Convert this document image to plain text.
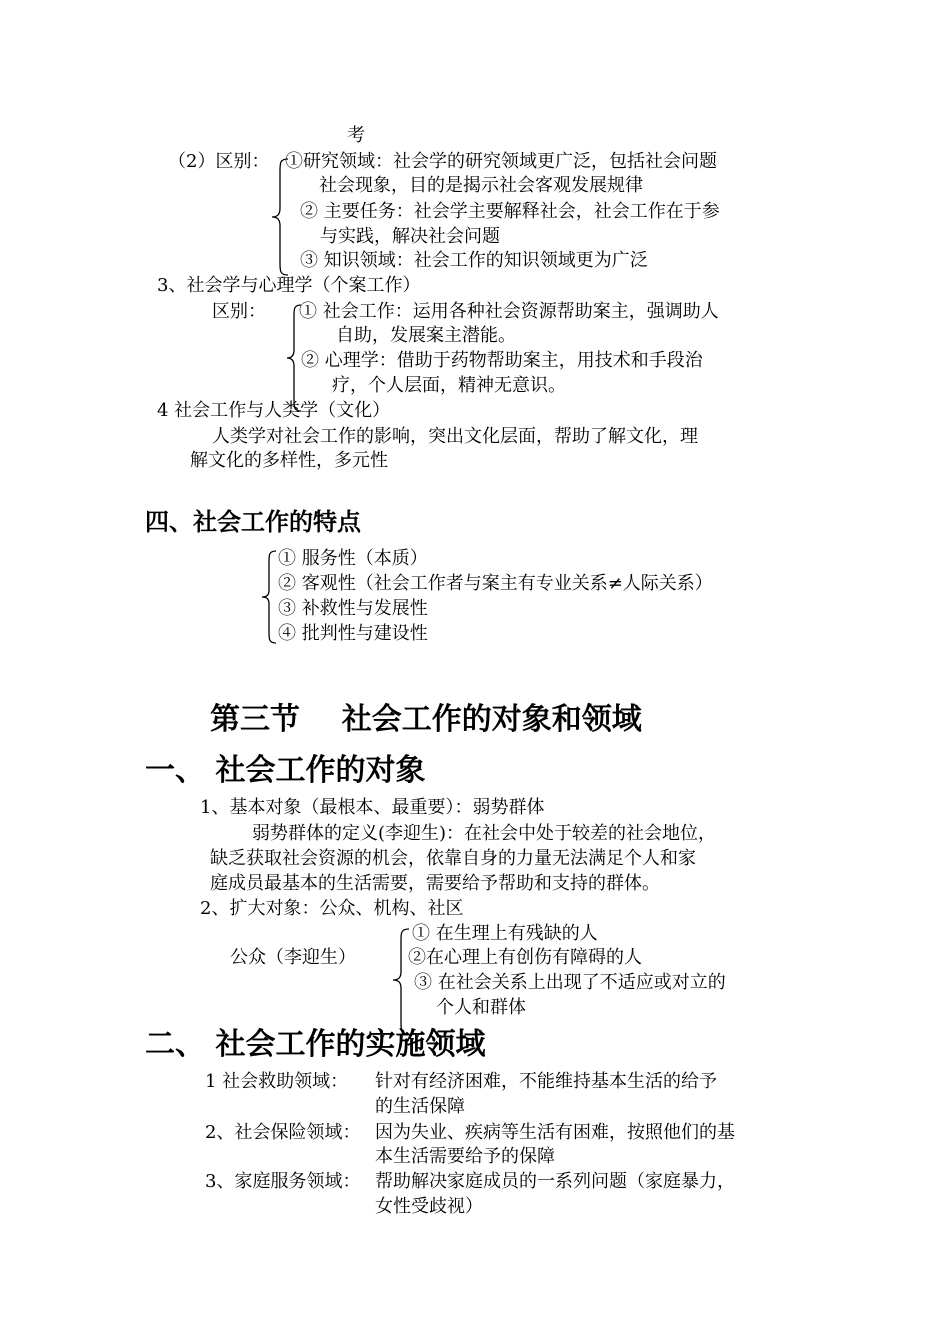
考
（2）区别： ①研究领域：社会学的研究领域更广泛，包括社会问题
社会现象，目的是揭示社会客观发展规律
② 主要任务：社会学主要解释社会，社会工作在于参
与实践，解决社会问题
③ 知识领域：社会工作的知识领域更为广泛
3、社会学与心理学（个案工作）
区别： ① 社会工作：运用各种社会资源帮助案主，强调助人
自助，发展案主潜能。
② 心理学：借助于药物帮助案主，用技术和手段治
疗，个人层面，精神无意识。
4 社会工作与人类学（文化）
人类学对社会工作的影响，突出文化层面，帮助了解文化，理
解文化的多样性，多元性
四、社会工作的特点
① 服务性（本质）
② 客观性（社会工作者与案主有专业关系≠人际关系）
③ 补救性与发展性
④ 批判性与建设性
第三节    社会工作的对象和领域
一、 社会工作的对象
1、基本对象（最根本、最重要）：弱势群体
弱势群体的定义(李迎生)：在社会中处于较差的社会地位，
缺乏获取社会资源的机会，依靠自身的力量无法满足个人和家
庭成员最基本的生活需要，需要给予帮助和支持的群体。
2、扩大对象：公众、机构、社区
公众（李迎生）
① 在生理上有残缺的人
②在心理上有创伤有障碍的人
③ 在社会关系上出现了不适应或对立的
个人和群体
二、 社会工作的实施领域
1 社会救助领域： 针对有经济困难，不能维持基本生活的给予
的生活保障
2、社会保险领域： 因为失业、疾病等生活有困难，按照他们的基
本生活需要给予的保障
3、家庭服务领域： 帮助解决家庭成员的一系列问题（家庭暴力，
女性受歧视）
